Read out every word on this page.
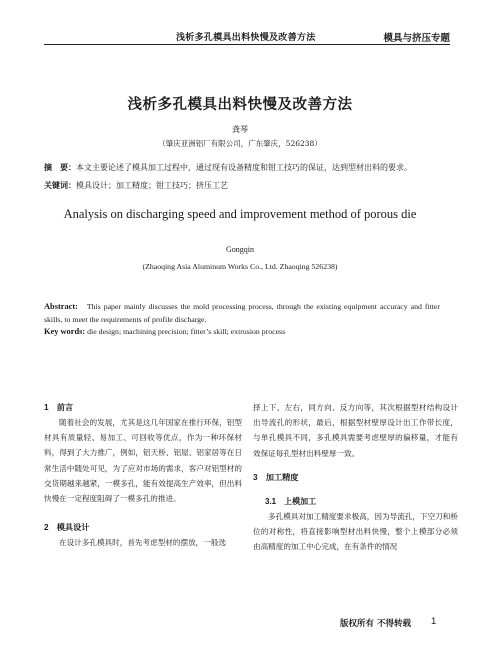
浅析多孔模具出料快慢及改善方法	模具与挤压专题
浅析多孔模具出料快慢及改善方法
龚琴
（肇庆亚洲铝厂有限公司，广东肇庆，526238）
摘　要：本文主要论述了模具加工过程中，通过现有设备精度和钳工技巧的保证，达到型材出料的要求。
关键词：模具设计；加工精度；钳工技巧；挤压工艺
Analysis on discharging speed and improvement method of porous die
Gongqin
(Zhaoqing Asia Aluminum Works Co., Ltd. Zhaoqing 526238)
Abstract: This paper mainly discusses the mold processing process, through the existing equipment accuracy and fitter skills, to meet the requirements of profile discharge.
Key words: die design; machining precision; fitter’s skill; extrusion process
1　前言
随着社会的发展，尤其是这几年国家在推行环保，铝型材具有质量轻、易加工、可回收等优点，作为一种环保材料，得到了大力推广，例如，铝天桥、铝屋、铝家居等在日常生活中随处可见，为了应对市场的需求，客户对铝型材的交货期越来越紧，一模多孔，能有效提高生产效率，但出料快慢在一定程度阻碍了一模多孔的推进。
2　模具设计
在设计多孔模具时，首先考虑型材的摆放，一般选
择上下、左右，同方向、反方向等，其次根据型材结构设计出导流孔的形状，最后，根据型材壁厚设计出工作带长度，与单孔模具不同，多孔模具需要考虑壁厚的偏移量，才能有效保证每孔型材出料壁厚一致。
3　加工精度
3.1　上模加工
多孔模具对加工精度要求极高，因为导流孔，下空刀和桥位的对称性，将直接影响型材出料快慢，整个上模部分必须由高精度的加工中心完成，在有条件的情况
版权所有 不得转载 1
